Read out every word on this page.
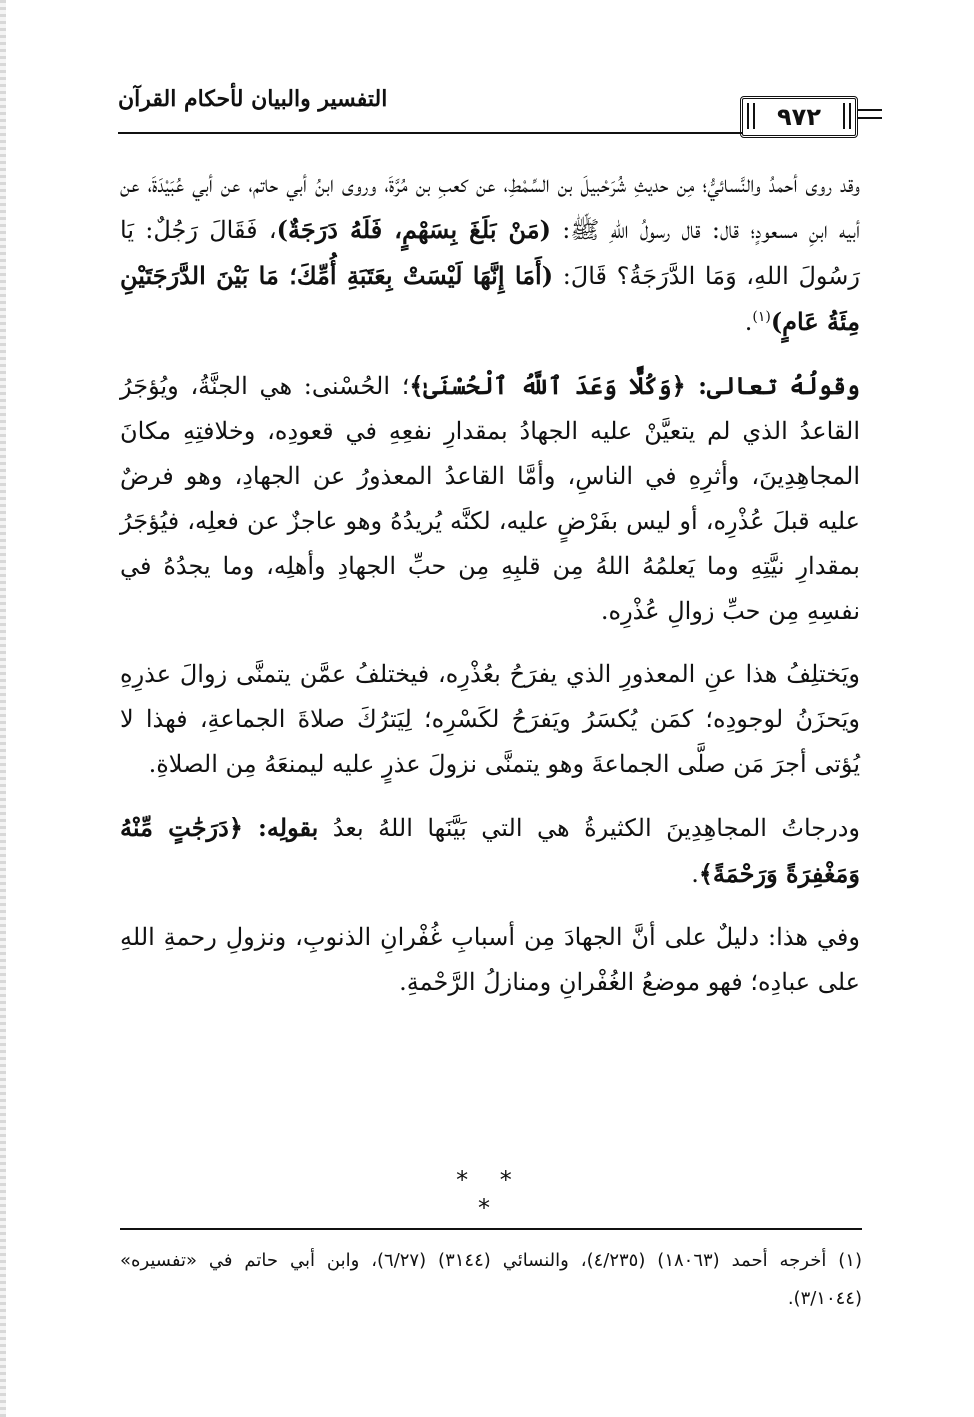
التفسير والبيان لأحكام القرآن
٩٧٢

وقد روى أحمدُ والنَّسائيُّ؛ مِن حديثِ شُرَحْبيلَ بن السِّمْطِ، عن كعبِ بن مُرَّةَ، وروى ابنُ أبي حاتم، عن أبي عُبَيْدَةَ، عن أبيه ابنِ مسعودٍ؛ قال: قال رسولُ اللهِ ﷺ: (مَنْ بَلَغَ بِسَهْمٍ، فَلَهُ دَرَجَةٌ)، فَقَالَ رَجُلٌ: يَا رَسُولَ اللهِ، وَمَا الدَّرَجَةُ؟ قَالَ: (أَمَا إِنَّهَا لَيْسَتْ بِعَتَبَةِ أُمِّكَ؛ مَا بَيْنَ الدَّرَجَتَيْنِ مِئَةُ عَامٍ)$^{(١)}$.

وقولُهُ تعالى: ﴿وَكُلًّا وَعَدَ ٱللَّهُ ٱلْحُسْنَىٰ﴾؛ الحُسْنى: هي الجنَّةُ، ويُؤجَرُ القاعدُ الذي لم يتعيَّنْ عليه الجهادُ بمقدارِ نفعِهِ في قعودِه، وخلافتِهِ مكانَ المجاهِدِينَ، وأثرِهِ في الناسِ، وأمَّا القاعدُ المعذورُ عن الجهادِ، وهو فرضٌ عليه قبلَ عُذْرِه، أو ليس بفَرْضٍ عليه، لكنَّه يُريدُهُ وهو عاجزٌ عن فعلِه، فيُؤجَرُ بمقدارِ نيَّتِهِ وما يَعلمُهُ اللهُ مِن قلبِهِ مِن حبِّ الجهادِ وأهلِه، وما يجدُهُ في نفسِهِ مِن حبِّ زوالِ عُذْرِه.

ويَختلِفُ هذا عنِ المعذورِ الذي يفرَحُ بعُذْرِه، فيختلفُ عمَّن يتمنَّى زوالَ عذرِهِ ويَحزَنُ لوجودِه؛ كمَن يُكسَرُ ويَفرَحُ لكَسْرِه؛ لِيَترُكَ صلاةَ الجماعةِ، فهذا لا يُؤتى أجرَ مَن صلَّى الجماعةَ وهو يتمنَّى نزولَ عذرٍ عليه ليمنعَهُ مِن الصلاةِ.

ودرجاتُ المجاهِدِينَ الكثيرةُ هي التي بَيَّنَها اللهُ بعدُ بقولِه: ﴿دَرَجَٰتٍ مِّنْهُ وَمَغْفِرَةً وَرَحْمَةً﴾.

وفي هذا: دليلٌ على أنَّ الجهادَ مِن أسبابِ غُفْرانِ الذنوبِ، ونزولِ رحمةِ اللهِ على عبادِه؛ فهو موضعُ الغُفْرانِ ومنازلُ الرَّحْمةِ.

* * *
(١) أخرجه أحمد (١٨٠٦٣) (٤/٢٣٥)، والنسائي (٣١٤٤) (٦/٢٧)، وابن أبي حاتم في «تفسيره» (٣/١٠٤٤).
